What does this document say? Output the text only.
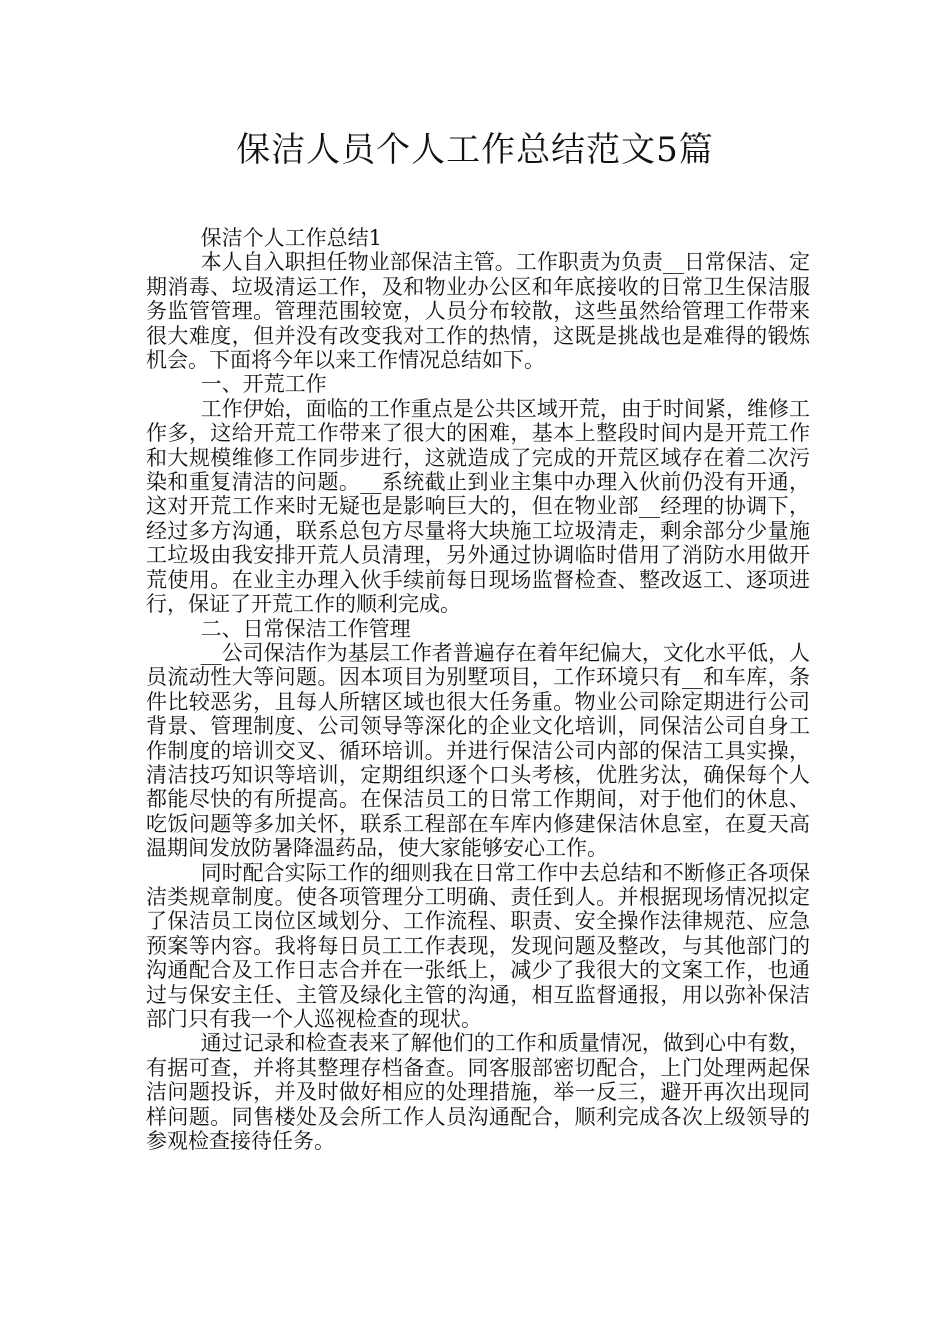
保洁人员个人工作总结范文5篇

保洁个人工作总结1

本人自入职担任物业部保洁主管。工作职责为负责__日常保洁、定期消毒、垃圾清运工作，及和物业办公区和年底接收的日常卫生保洁服务监管管理。管理范围较宽，人员分布较散，这些虽然给管理工作带来很大难度，但并没有改变我对工作的热情，这既是挑战也是难得的锻炼机会。下面将今年以来工作情况总结如下。

一、开荒工作

工作伊始，面临的工作重点是公共区域开荒，由于时间紧，维修工作多，这给开荒工作带来了很大的困难，基本上整段时间内是开荒工作和大规模维修工作同步进行，这就造成了完成的开荒区域存在着二次污染和重复清洁的问题。__系统截止到业主集中办理入伙前仍没有开通，这对开荒工作来时无疑也是影响巨大的，但在物业部__经理的协调下，经过多方沟通，联系总包方尽量将大块施工垃圾清走，剩余部分少量施工垃圾由我安排开荒人员清理，另外通过协调临时借用了消防水用做开荒使用。在业主办理入伙手续前每日现场监督检查、整改返工、逐项进行，保证了开荒工作的顺利完成。

二、日常保洁工作管理

__公司保洁作为基层工作者普遍存在着年纪偏大，文化水平低，人员流动性大等问题。因本项目为别墅项目，工作环境只有__和车库，条件比较恶劣，且每人所辖区域也很大任务重。物业公司除定期进行公司背景、管理制度、公司领导等深化的企业文化培训，同保洁公司自身工作制度的培训交叉、循环培训。并进行保洁公司内部的保洁工具实操，清洁技巧知识等培训，定期组织逐个口头考核，优胜劣汰，确保每个人都能尽快的有所提高。在保洁员工的日常工作期间，对于他们的休息、吃饭问题等多加关怀，联系工程部在车库内修建保洁休息室，在夏天高温期间发放防暑降温药品，使大家能够安心工作。

同时配合实际工作的细则我在日常工作中去总结和不断修正各项保洁类规章制度。使各项管理分工明确、责任到人。并根据现场情况拟定了保洁员工岗位区域划分、工作流程、职责、安全操作法律规范、应急预案等内容。我将每日员工工作表现，发现问题及整改，与其他部门的沟通配合及工作日志合并在一张纸上，减少了我很大的文案工作，也通过与保安主任、主管及绿化主管的沟通，相互监督通报，用以弥补保洁部门只有我一个人巡视检查的现状。

通过记录和检查表来了解他们的工作和质量情况，做到心中有数，有据可查，并将其整理存档备查。同客服部密切配合，上门处理两起保洁问题投诉，并及时做好相应的处理措施，举一反三，避开再次出现同样问题。同售楼处及会所工作人员沟通配合，顺利完成各次上级领导的参观检查接待任务。
